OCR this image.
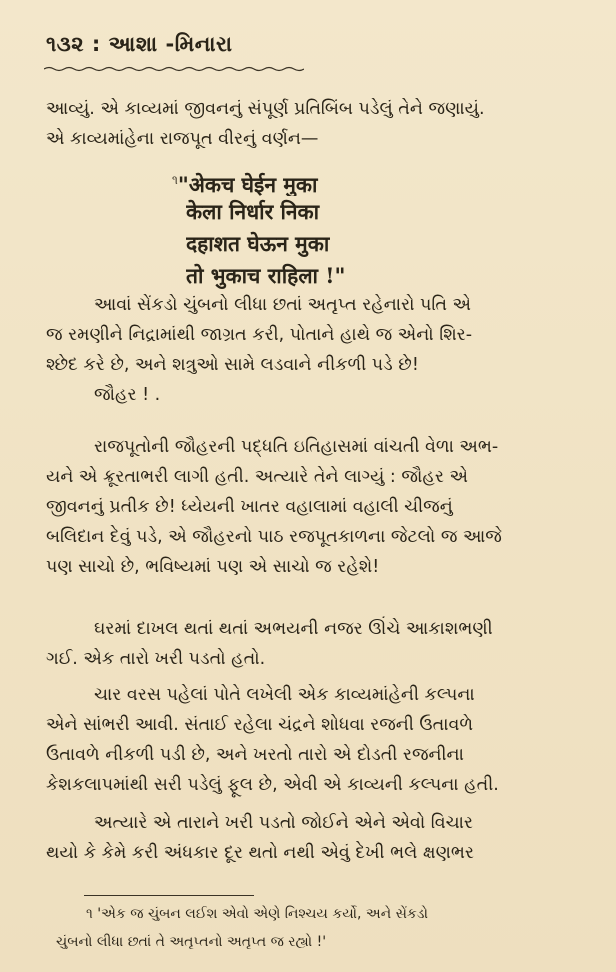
૧૩૨ : આશા -મિનારા
આવ્યું. એ કાવ્યમાં જીવનનું સંપૂર્ણ પ્રતિબિંબ પડેલું તેને જણાયું.
એ કાવ્યમાંહેના રાજપૂત વીરનું વર્ણન—
$^૧$"अेकच घेईन मुका
केला निर्धार निका
दहाशत घेऊन मुका
तो भुकाच राहिला !"
આવાં સેંકડો ચુંબનો લીધા છતાં અતૃપ્ત રહેનારો પતિ એ
જ રમણીને નિદ્રામાંથી જાગ્રત કરી, પોતાને હાથે જ એનો શિર-
શ્છેદ કરે છે, અને શત્રુઓ સામે લડવાને નીકળી પડે છે!
જૌહર ! .
રાજપૂતોની જૌહરની પદ્ધતિ ઇતિહાસમાં વાંચતી વેળા અભ-
યને એ ક્રૂરતાભરી લાગી હતી. અત્યારે તેને લાગ્યું : જૌહર એ
જીવનનું પ્રતીક છે! ધ્યેયની ખાતર વહાલામાં વહાલી ચીજનું
બલિદાન દેવું પડે, એ જૌહરનો પાઠ રજપૂતકાળના જેટલો જ આજે
પણ સાચો છે, ભવિષ્યમાં પણ એ સાચો જ રહેશે!
ઘરમાં દાખલ થતાં થતાં અભયની નજર ઊંચે આકાશભણી
ગઈ. એક તારો ખરી પડતો હતો.
ચાર વરસ પહેલાં પોતે લખેલી એક કાવ્યમાંહેની કલ્પના
એને સાંભરી આવી. સંતાઈ રહેલા ચંદ્રને શોધવા રજની ઉતાવળે
ઉતાવળે નીકળી પડી છે, અને ખરતો તારો એ દોડતી રજનીના
કેશકલાપમાંથી સરી પડેલું ફૂલ છે, એવી એ કાવ્યની કલ્પના હતી.
અત્યારે એ તારાને ખરી પડતો જોઈને એને એવો વિચાર
થયો કે કેમે કરી અંધકાર દૂર થતો નથી એવું દેખી ભલે ક્ષણભર
૧ 'એક જ ચુંબન લઈશ એવો એણે નિશ્ચય કર્યો, અને સેંકડો
ચુંબનો લીધા છતાં તે અતૃપ્તનો અતૃપ્ત જ રહ્યો !'
